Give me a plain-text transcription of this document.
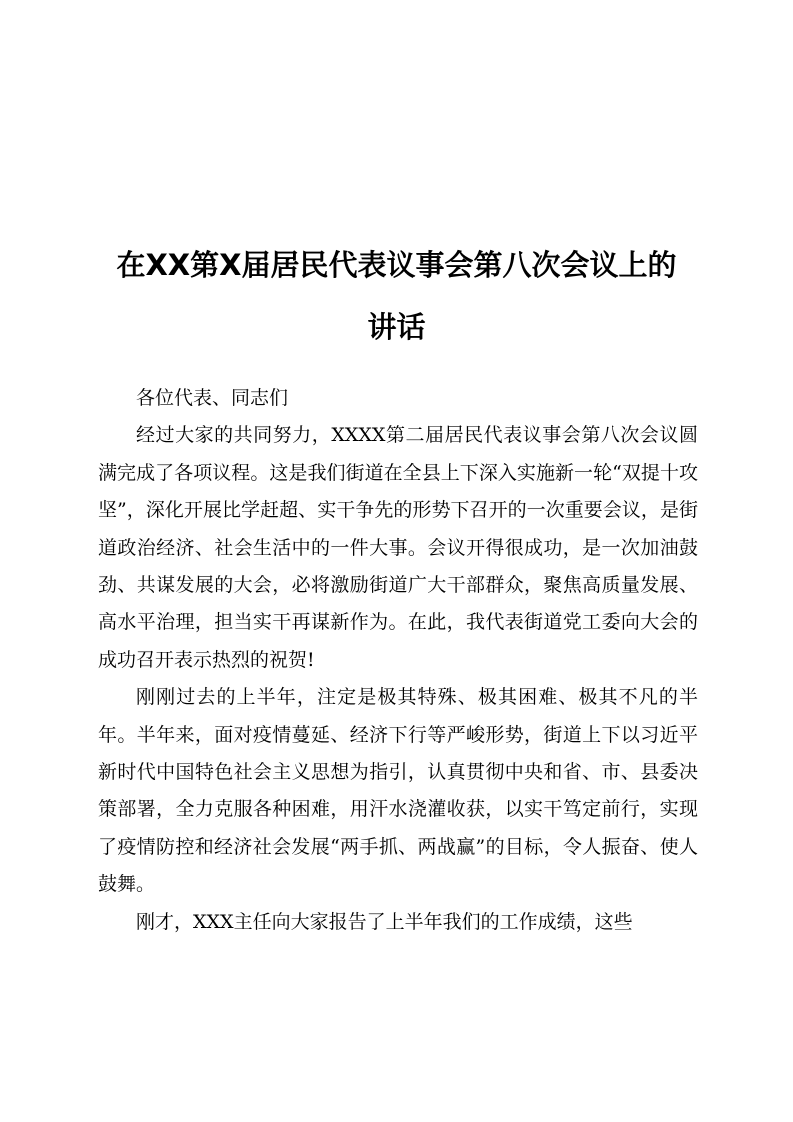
在XX第X届居民代表议事会第八次会议上的
讲话

各位代表、同志们

经过大家的共同努力，XXXX第二届居民代表议事会第八次会议圆满完成了各项议程。这是我们街道在全县上下深入实施新一轮“双提十攻坚”，深化开展比学赶超、实干争先的形势下召开的一次重要会议，是街道政治经济、社会生活中的一件大事。会议开得很成功，是一次加油鼓劲、共谋发展的大会，必将激励街道广大干部群众，聚焦高质量发展、高水平治理，担当实干再谋新作为。在此，我代表街道党工委向大会的成功召开表示热烈的祝贺!

刚刚过去的上半年，注定是极其特殊、极其困难、极其不凡的半年。半年来，面对疫情蔓延、经济下行等严峻形势，街道上下以习近平新时代中国特色社会主义思想为指引，认真贯彻中央和省、市、县委决策部署，全力克服各种困难，用汗水浇灌收获，以实干笃定前行，实现了疫情防控和经济社会发展“两手抓、两战赢”的目标，令人振奋、使人鼓舞。

刚才，XXX主任向大家报告了上半年我们的工作成绩，这些
